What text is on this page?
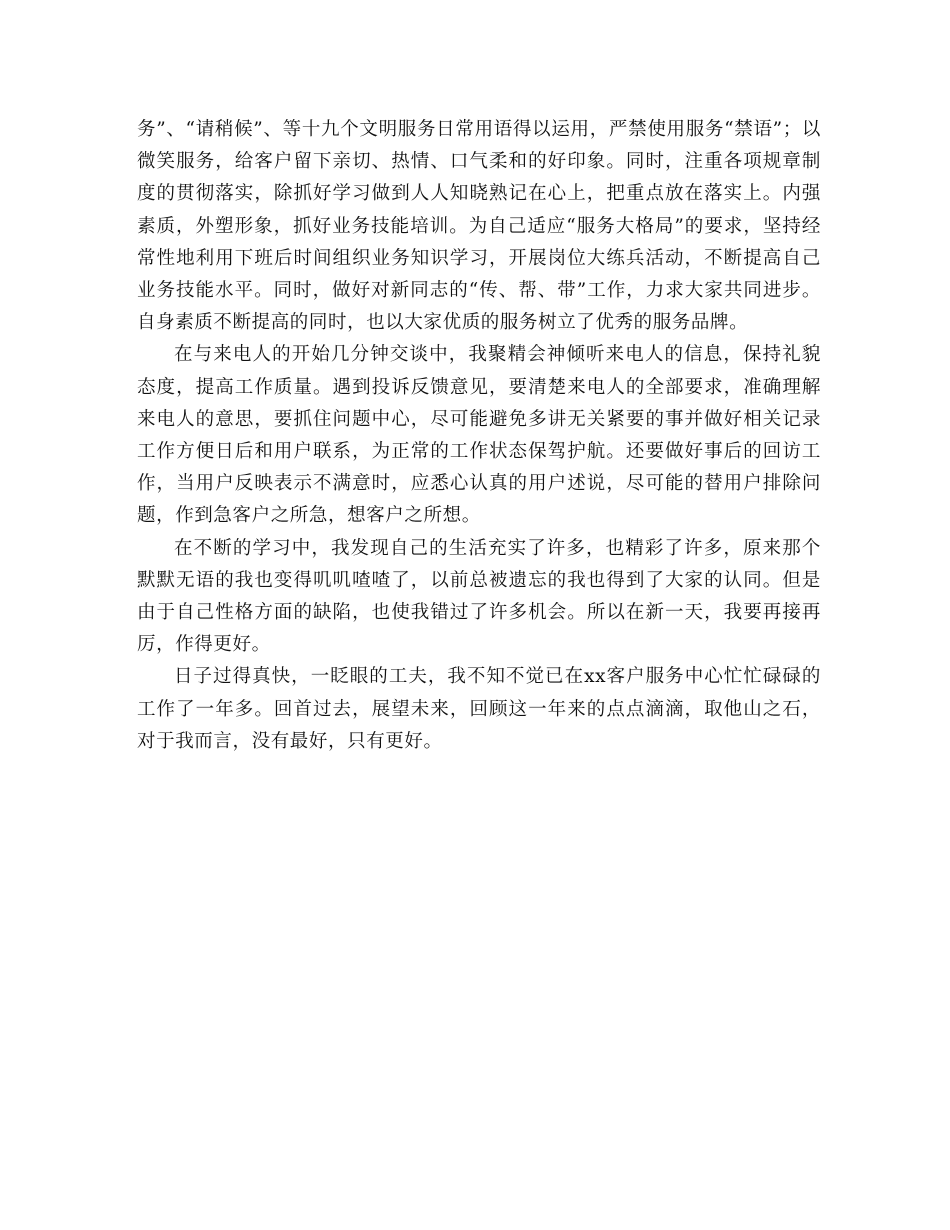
务”、“请稍候”、等十九个文明服务日常用语得以运用，严禁使用服务“禁语”；以微笑服务，给客户留下亲切、热情、口气柔和的好印象。同时，注重各项规章制度的贯彻落实，除抓好学习做到人人知晓熟记在心上，把重点放在落实上。内强素质，外塑形象，抓好业务技能培训。为自己适应“服务大格局”的要求，坚持经常性地利用下班后时间组织业务知识学习，开展岗位大练兵活动，不断提高自己业务技能水平。同时，做好对新同志的“传、帮、带”工作，力求大家共同进步。自身素质不断提高的同时，也以大家优质的服务树立了优秀的服务品牌。

在与来电人的开始几分钟交谈中，我聚精会神倾听来电人的信息，保持礼貌态度，提高工作质量。遇到投诉反馈意见，要清楚来电人的全部要求，准确理解来电人的意思，要抓住问题中心，尽可能避免多讲无关紧要的事并做好相关记录工作方便日后和用户联系，为正常的工作状态保驾护航。还要做好事后的回访工作，当用户反映表示不满意时，应悉心认真的用户述说，尽可能的替用户排除问题，作到急客户之所急，想客户之所想。

在不断的学习中，我发现自己的生活充实了许多，也精彩了许多，原来那个默默无语的我也变得叽叽喳喳了，以前总被遗忘的我也得到了大家的认同。但是由于自己性格方面的缺陷，也使我错过了许多机会。所以在新一天，我要再接再厉，作得更好。

日子过得真快，一眨眼的工夫，我不知不觉已在xx客户服务中心忙忙碌碌的工作了一年多。回首过去，展望未来，回顾这一年来的点点滴滴，取他山之石，对于我而言，没有最好，只有更好。
